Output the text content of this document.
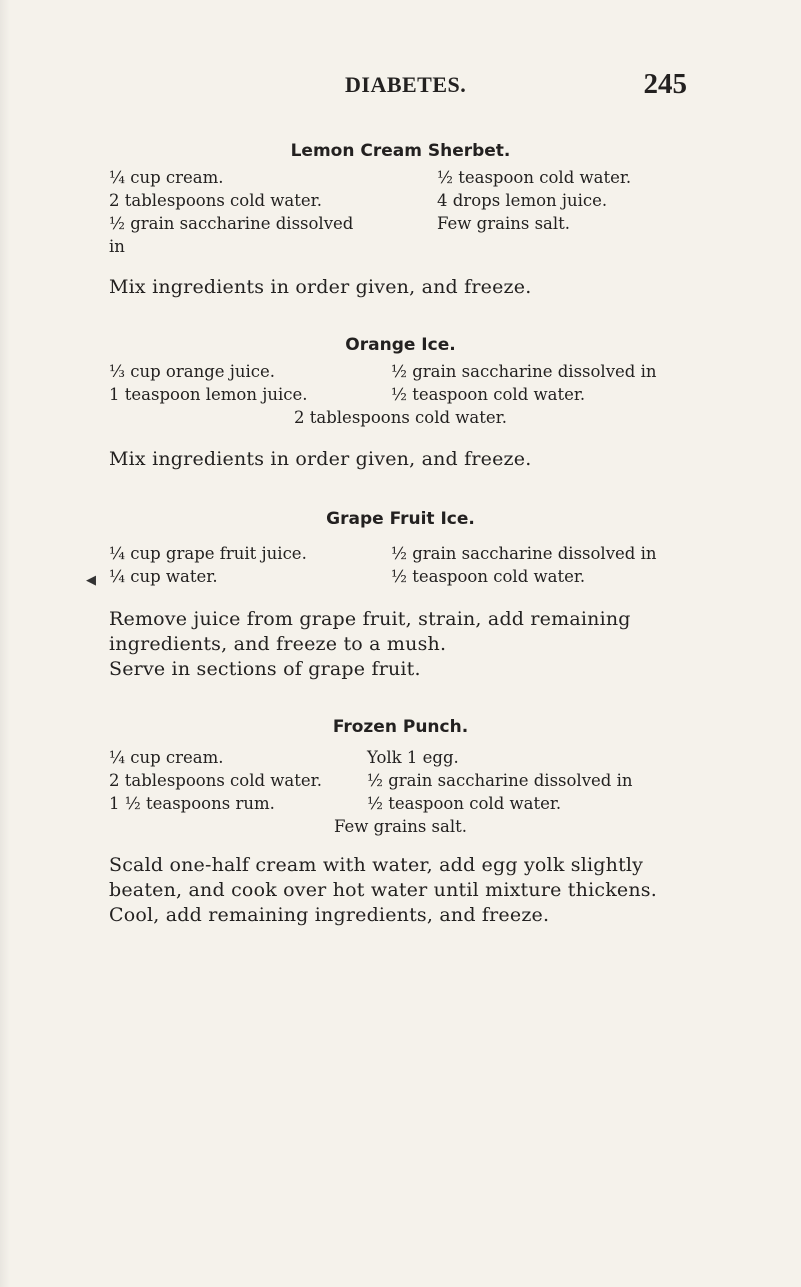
DIABETES.	245
Lemon Cream Sherbet.
¼ cup cream.
2 tablespoons cold water.
½ grain saccharine dissolved
in
½ teaspoon cold water.
4 drops lemon juice.
Few grains salt.
Mix ingredients in order given, and freeze.
Orange Ice.
⅓ cup orange juice.
1 teaspoon lemon juice.
½ grain saccharine dissolved in
½ teaspoon cold water.
2 tablespoons cold water.
Mix ingredients in order given, and freeze.
Grape Fruit Ice.
◀
¼ cup grape fruit juice.
¼ cup water.
½ grain saccharine dissolved in
½ teaspoon cold water.
Remove juice from grape fruit, strain, add remaining
ingredients, and freeze to a mush.
Serve in sections of grape fruit.
Frozen Punch.
¼ cup cream.
2 tablespoons cold water.
1 ½ teaspoons rum.
Yolk 1 egg.
½ grain saccharine dissolved in
½ teaspoon cold water.
Few grains salt.
Scald one-half cream with water, add egg yolk slightly
beaten, and cook over hot water until mixture thickens.
Cool, add remaining ingredients, and freeze.
